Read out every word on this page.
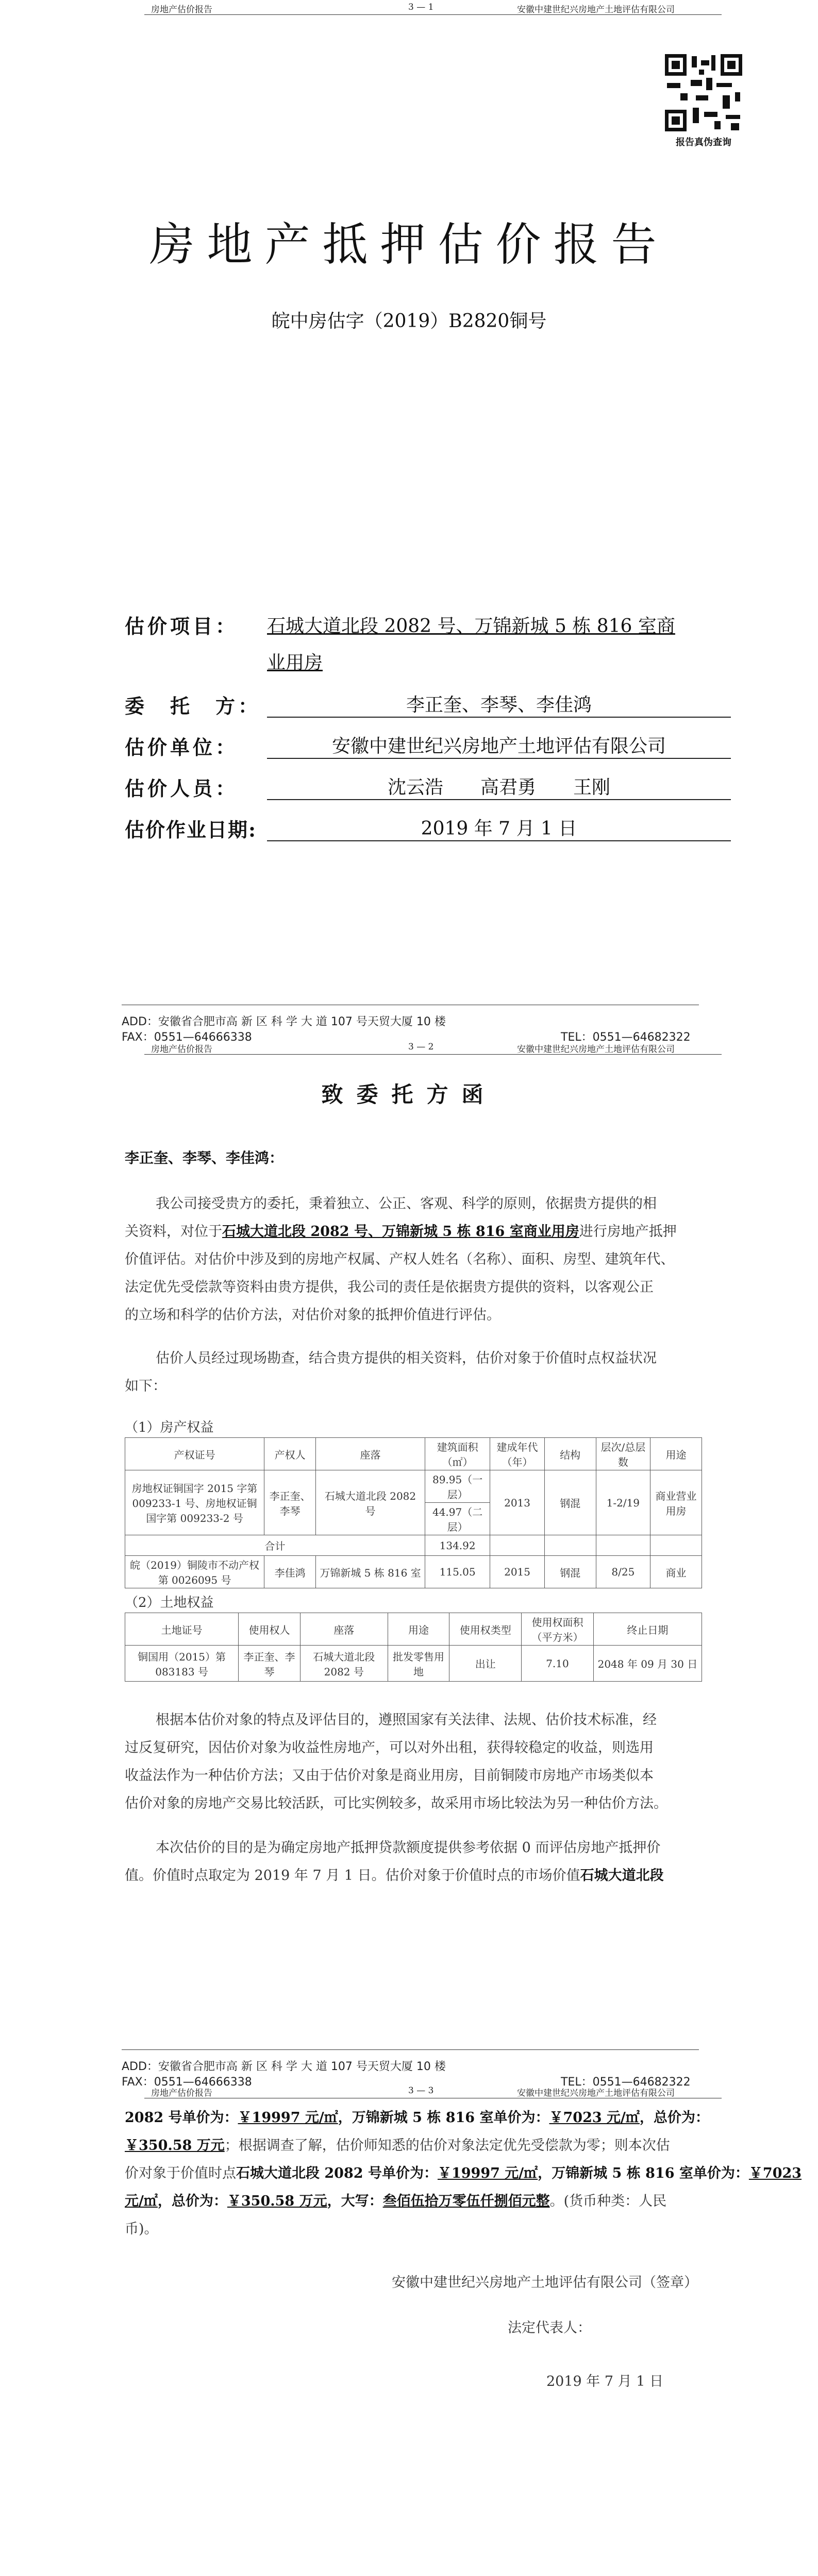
房地产估价报告	3 — 1	安徽中建世纪兴房地产土地评估有限公司
报告真伪查询
房地产抵押估价报告
皖中房估字（2019）B2820铜号
估价项目： 石城大道北段 2082 号、万锦新城 5 栋 816 室商
业用房
委　托　方：	李正奎、李琴、李佳鸿
估价单位：	安徽中建世纪兴房地产土地评估有限公司
估价人员：	沈云浩　　高君勇　　王刚
估价作业日期:	2019 年 7 月 1 日
ADD：安徽省合肥市高 新 区 科 学 大 道 107 号天贸大厦 10 楼
FAX：0551—64666338	TEL：0551—64682322
房地产估价报告	3 — 2	安徽中建世纪兴房地产土地评估有限公司
致委托方函
李正奎、李琴、李佳鸿：
我公司接受贵方的委托，秉着独立、公正、客观、科学的原则，依据贵方提供的相
关资料，对位于石城大道北段 2082 号、万锦新城 5 栋 816 室商业用房进行房地产抵押
价值评估。对估价中涉及到的房地产权属、产权人姓名（名称）、面积、房型、建筑年代、
法定优先受偿款等资料由贵方提供，我公司的责任是依据贵方提供的资料，以客观公正
的立场和科学的估价方法，对估价对象的抵押价值进行评估。
估价人员经过现场勘查，结合贵方提供的相关资料，估价对象于价值时点权益状况
如下：
（1）房产权益
产权证号	产权人	座落	建筑面积（㎡）	建成年代（年）	结构	层次/总层数	用途
房地权证铜国字 2015 字第 009233-1 号、房地权证铜国字第 009233-2 号	李正奎、李琴	石城大道北段 2082 号	89.95（一层）	2013	钢混	1-2/19	商业营业用房
			44.97（二层）				
合计			134.92				
皖（2019）铜陵市不动产权第 0026095 号	李佳鸿	万锦新城 5 栋 816 室	115.05	2015	钢混	8/25	商业
（2）土地权益
土地证号	使用权人	座落	用途	使用权类型	使用权面积（平方米）	终止日期
铜国用（2015）第 083183 号	李正奎、李琴	石城大道北段 2082 号	批发零售用地	出让	7.10	2048 年 09 月 30 日
根据本估价对象的特点及评估目的，遵照国家有关法律、法规、估价技术标准，经
过反复研究，因估价对象为收益性房地产，可以对外出租，获得较稳定的收益，则选用
收益法作为一种估价方法；又由于估价对象是商业用房，目前铜陵市房地产市场类似本
估价对象的房地产交易比较活跃，可比实例较多，故采用市场比较法为另一种估价方法。
本次估价的目的是为确定房地产抵押贷款额度提供参考依据 0 而评估房地产抵押价
值。价值时点取定为 2019 年 7 月 1 日。估价对象于价值时点的市场价值石城大道北段
ADD：安徽省合肥市高 新 区 科 学 大 道 107 号天贸大厦 10 楼
FAX：0551—64666338	TEL：0551—64682322
房地产估价报告	3 — 3	安徽中建世纪兴房地产土地评估有限公司
2082 号单价为：￥19997 元/㎡，万锦新城 5 栋 816 室单价为：￥7023 元/㎡，总价为：
￥350.58 万元；根据调查了解，估价师知悉的估价对象法定优先受偿款为零；则本次估
价对象于价值时点石城大道北段 2082 号单价为：￥19997 元/㎡，万锦新城 5 栋 816 室单价为：￥7023
元/㎡，总价为：￥350.58 万元，大写：叁佰伍拾万零伍仟捌佰元整。(货币种类：人民
币)。
安徽中建世纪兴房地产土地评估有限公司（签章）
法定代表人：
2019 年 7 月 1 日
